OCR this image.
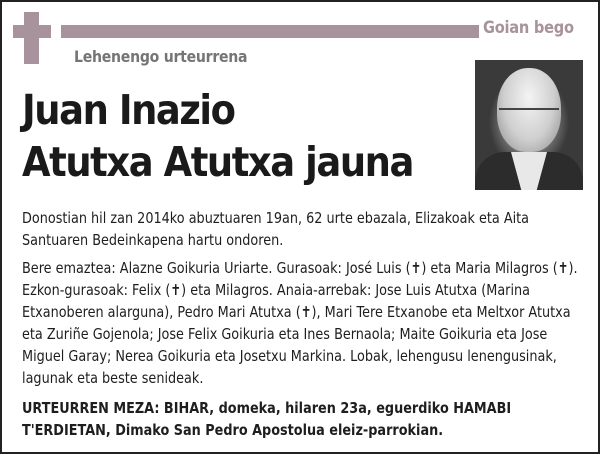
Goian bego
Lehenengo urteurrena
Juan Inazio
Atutxa Atutxa jauna

Donostian hil zan 2014ko abuztuaren 19an, 62 urte ebazala, Elizakoak eta Aita Santuaren Bedeinkapena hartu ondoren.

Bere emaztea: Alazne Goikuria Uriarte. Gurasoak: José Luis (✝) eta Maria Milagros (✝). Ezkon-gurasoak: Felix (✝) eta Milagros. Anaia-arrebak: Jose Luis Atutxa (Marina Etxanoberen alarguna), Pedro Mari Atutxa (✝), Mari Tere Etxanobe eta Meltxor Atutxa eta Zuriñe Gojenola; Jose Felix Goikuria eta Ines Bernaola; Maite Goikuria eta Jose Miguel Garay; Nerea Goikuria eta Josetxu Markina. Lobak, lehengusu lenengusinak, lagunak eta beste senideak.

URTEURREN MEZA: BIHAR, domeka, hilaren 23a, eguerdiko HAMABI T'ERDIETAN, Dimako San Pedro Apostolua eleiz-parrokian.
